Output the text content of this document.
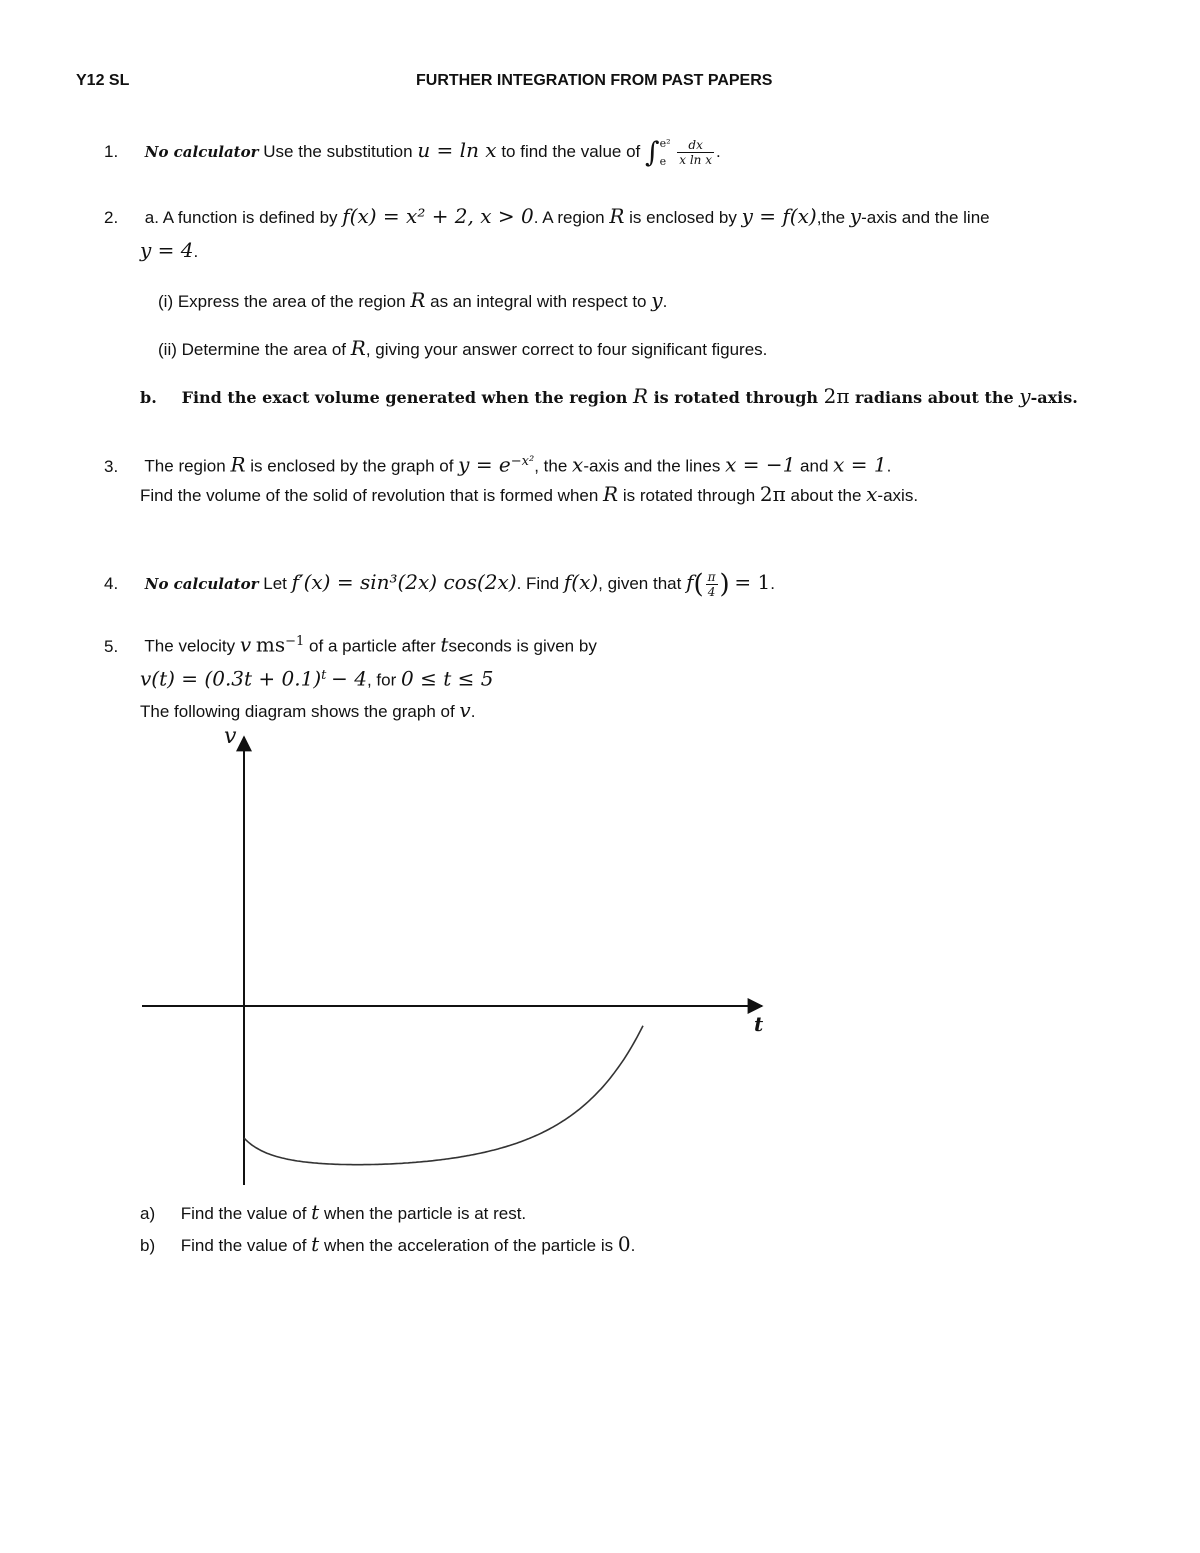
Y12 SL	FURTHER INTEGRATION FROM PAST PAPERS
1. No calculator Use the substitution u = ln x to find the value of ∫ e²
e
$\frac{dx}{\text{x ln x}}$ .
2. a. A function is defined by f(x) = x² + 2, x > 0. A region R is enclosed by y = f(x),the y-axis and the line
y = 4.
(i) Express the area of the region R as an integral with respect to y.
(ii) Determine the area of R, giving your answer correct to four significant figures.
b. Find the exact volume generated when the region R is rotated through 2π radians about the y-axis.
3. The region R is enclosed by the graph of $y = e^{-x^2}$, the x-axis and the lines x = −1 and x = 1.
Find the volume of the solid of revolution that is formed when R is rotated through 2π about the x-axis.
4. No calculator Let f′(x) = sin³(2x) cos(2x). Find f(x), given that $f( \frac{\pi}{4}$ ) = 1.
5. The velocity v $ms^{-1}$ of a particle after tseconds is given by
$v(t) = (0.3t + 0.1)^t - 4$, for 0 ≤ t ≤ 5
The following diagram shows the graph of v.
v
t
a) Find the value of t when the particle is at rest.
b) Find the value of t when the acceleration of the particle is 0.
